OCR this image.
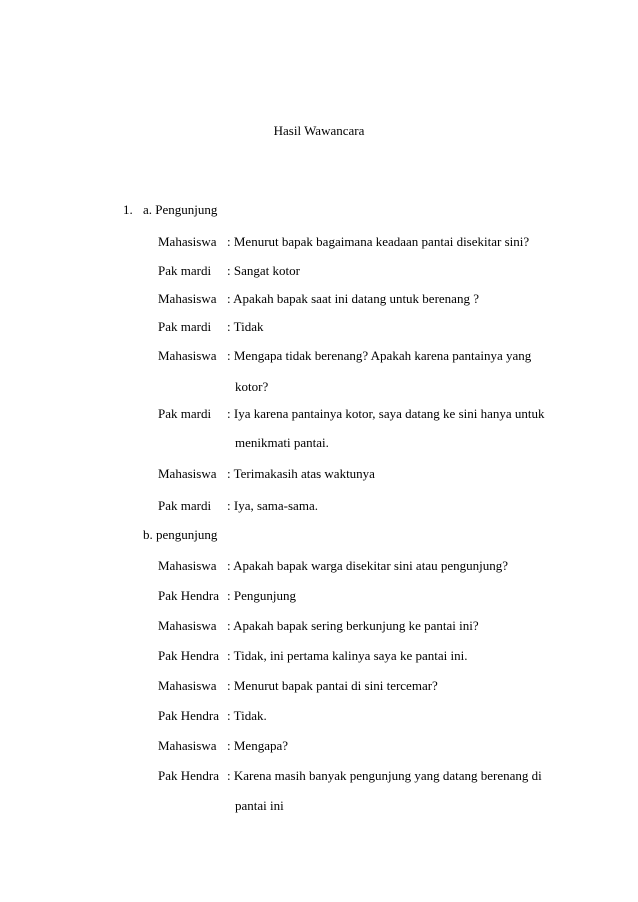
Hasil Wawancara
1. a. Pengunjung
Mahasiswa : Menurut bapak bagaimana keadaan pantai disekitar sini?
Pak mardi : Sangat kotor
Mahasiswa : Apakah bapak saat ini datang untuk berenang ?
Pak mardi : Tidak
Mahasiswa : Mengapa tidak berenang? Apakah karena pantainya yang
kotor?
Pak mardi : Iya karena pantainya kotor, saya datang ke sini hanya untuk
menikmati pantai.
Mahasiswa : Terimakasih atas waktunya
Pak mardi : Iya, sama-sama.
b. pengunjung
Mahasiswa : Apakah bapak warga disekitar sini atau pengunjung?
Pak Hendra : Pengunjung
Mahasiswa : Apakah bapak sering berkunjung ke pantai ini?
Pak Hendra : Tidak, ini pertama kalinya saya ke pantai ini.
Mahasiswa : Menurut bapak pantai di sini tercemar?
Pak Hendra : Tidak.
Mahasiswa : Mengapa?
Pak Hendra : Karena masih banyak pengunjung yang datang berenang di
pantai ini
